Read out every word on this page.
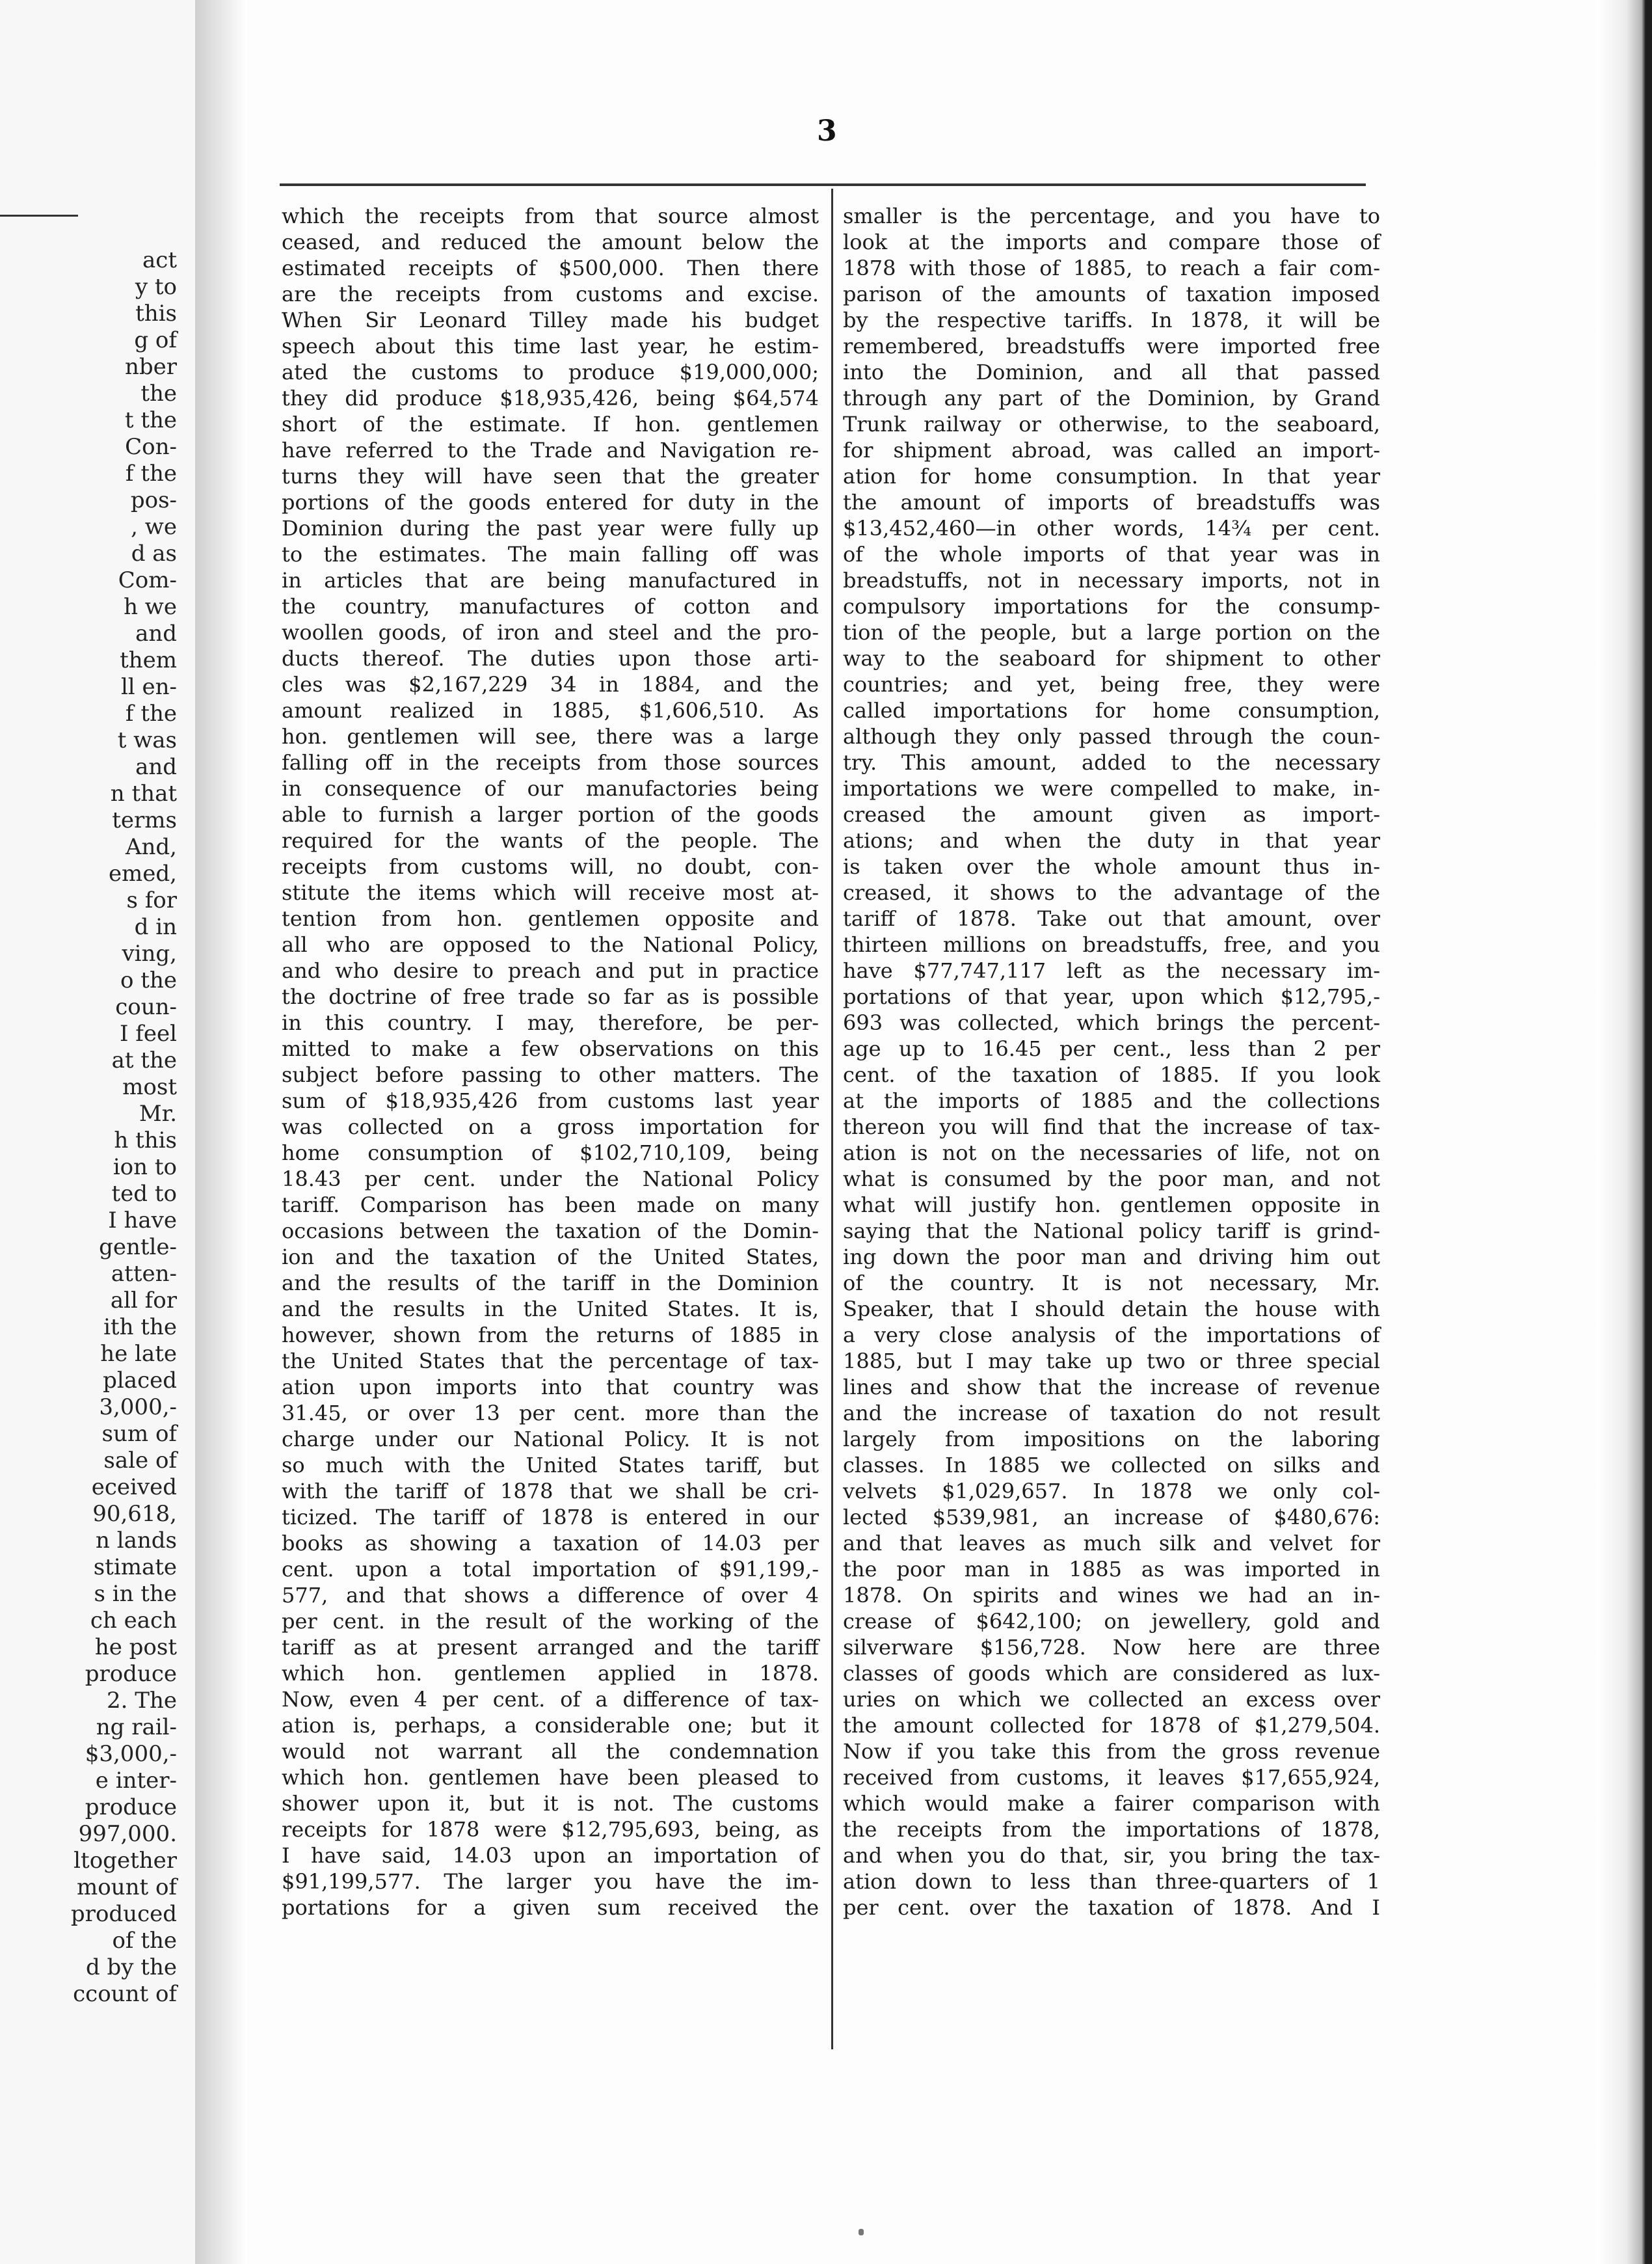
act
y to
this
g of
nber
the
t the
Con-
f the
pos-
, we
d as
Com-
h we
and
them
ll en-
f the
t was
and
n that
terms
And,
emed,
s for
d in
ving,
o the
coun-
I feel
at the
most
Mr.
h this
ion to
ted to
I have
gentle-
atten-
all for
ith the
he late
placed
3,000,-
sum of
sale of
eceived
90,618,
n lands
stimate
s in the
ch each
he post
produce
2. The
ng rail-
$3,000,-
e inter-
produce
997,000.
ltogether
mount of
produced
of the
d by the
ccount of
3
which the receipts from that source almost
ceased, and reduced the amount below the
estimated receipts of $500,000. Then there
are the receipts from customs and excise.
When Sir Leonard Tilley made his budget
speech about this time last year, he estim-
ated the customs to produce $19,000,000;
they did produce $18,935,426, being $64,574
short of the estimate. If hon. gentlemen
have referred to the Trade and Navigation re-
turns they will have seen that the greater
portions of the goods entered for duty in the
Dominion during the past year were fully up
to the estimates. The main falling off was
in articles that are being manufactured in
the country, manufactures of cotton and
woollen goods, of iron and steel and the pro-
ducts thereof. The duties upon those arti-
cles was $2,167,229 34 in 1884, and the
amount realized in 1885, $1,606,510. As
hon. gentlemen will see, there was a large
falling off in the receipts from those sources
in consequence of our manufactories being
able to furnish a larger portion of the goods
required for the wants of the people. The
receipts from customs will, no doubt, con-
stitute the items which will receive most at-
tention from hon. gentlemen opposite and
all who are opposed to the National Policy,
and who desire to preach and put in practice
the doctrine of free trade so far as is possible
in this country. I may, therefore, be per-
mitted to make a few observations on this
subject before passing to other matters. The
sum of $18,935,426 from customs last year
was collected on a gross importation for
home consumption of $102,710,109, being
18.43 per cent. under the National Policy
tariff. Comparison has been made on many
occasions between the taxation of the Domin-
ion and the taxation of the United States,
and the results of the tariff in the Dominion
and the results in the United States. It is,
however, shown from the returns of 1885 in
the United States that the percentage of tax-
ation upon imports into that country was
31.45, or over 13 per cent. more than the
charge under our National Policy. It is not
so much with the United States tariff, but
with the tariff of 1878 that we shall be cri-
ticized. The tariff of 1878 is entered in our
books as showing a taxation of 14.03 per
cent. upon a total importation of $91,199,-
577, and that shows a difference of over 4
per cent. in the result of the working of the
tariff as at present arranged and the tariff
which hon. gentlemen applied in 1878.
Now, even 4 per cent. of a difference of tax-
ation is, perhaps, a considerable one; but it
would not warrant all the condemnation
which hon. gentlemen have been pleased to
shower upon it, but it is not. The customs
receipts for 1878 were $12,795,693, being, as
I have said, 14.03 upon an importation of
$91,199,577. The larger you have the im-
portations for a given sum received the
smaller is the percentage, and you have to
look at the imports and compare those of
1878 with those of 1885, to reach a fair com-
parison of the amounts of taxation imposed
by the respective tariffs. In 1878, it will be
remembered, breadstuffs were imported free
into the Dominion, and all that passed
through any part of the Dominion, by Grand
Trunk railway or otherwise, to the seaboard,
for shipment abroad, was called an import-
ation for home consumption. In that year
the amount of imports of breadstuffs was
$13,452,460—in other words, 14¾ per cent.
of the whole imports of that year was in
breadstuffs, not in necessary imports, not in
compulsory importations for the consump-
tion of the people, but a large portion on the
way to the seaboard for shipment to other
countries; and yet, being free, they were
called importations for home consumption,
although they only passed through the coun-
try. This amount, added to the necessary
importations we were compelled to make, in-
creased the amount given as import-
ations; and when the duty in that year
is taken over the whole amount thus in-
creased, it shows to the advantage of the
tariff of 1878. Take out that amount, over
thirteen millions on breadstuffs, free, and you
have $77,747,117 left as the necessary im-
portations of that year, upon which $12,795,-
693 was collected, which brings the percent-
age up to 16.45 per cent., less than 2 per
cent. of the taxation of 1885. If you look
at the imports of 1885 and the collections
thereon you will find that the increase of tax-
ation is not on the necessaries of life, not on
what is consumed by the poor man, and not
what will justify hon. gentlemen opposite in
saying that the National policy tariff is grind-
ing down the poor man and driving him out
of the country. It is not necessary, Mr.
Speaker, that I should detain the house with
a very close analysis of the importations of
1885, but I may take up two or three special
lines and show that the increase of revenue
and the increase of taxation do not result
largely from impositions on the laboring
classes. In 1885 we collected on silks and
velvets $1,029,657. In 1878 we only col-
lected $539,981, an increase of $480,676:
and that leaves as much silk and velvet for
the poor man in 1885 as was imported in
1878. On spirits and wines we had an in-
crease of $642,100; on jewellery, gold and
silverware $156,728. Now here are three
classes of goods which are considered as lux-
uries on which we collected an excess over
the amount collected for 1878 of $1,279,504.
Now if you take this from the gross revenue
received from customs, it leaves $17,655,924,
which would make a fairer comparison with
the receipts from the importations of 1878,
and when you do that, sir, you bring the tax-
ation down to less than three-quarters of 1
per cent. over the taxation of 1878. And I
